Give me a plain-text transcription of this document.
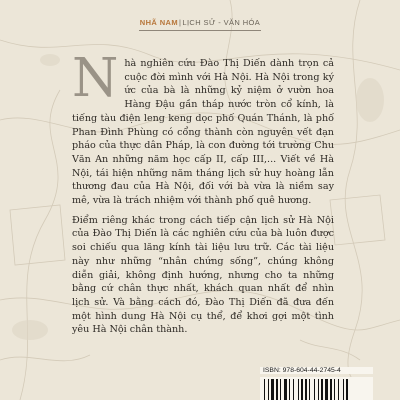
NHÃ NAM|LỊCH SỬ - VĂN HÓA

Nhà nghiên cứu Đào Thị Diến dành trọn cả cuộc đời mình với Hà Nội. Hà Nội trong ký ức của bà là những kỷ niệm ở vườn hoa Hàng Đậu gần tháp nước tròn cổ kính, là tiếng tàu điện leng keng dọc phố Quán Thánh, là phố Phan Đình Phùng có cổng thành còn nguyên vết đạn pháo của thực dân Pháp, là con đường tới trường Chu Văn An những năm học cấp II, cấp III,... Viết về Hà Nội, tái hiện những năm tháng lịch sử huy hoàng lẫn thương đau của Hà Nội, đối với bà vừa là niềm say mê, vừa là trách nhiệm với thành phố quê hương.

Điểm riêng khác trong cách tiếp cận lịch sử Hà Nội của Đào Thị Diến là các nghiên cứu của bà luôn được soi chiếu qua lăng kính tài liệu lưu trữ. Các tài liệu này như những “nhân chứng sống”, chúng không diễn giải, không định hướng, nhưng cho ta những bằng cứ chân thực nhất, khách quan nhất để nhìn lịch sử. Và bằng cách đó, Đào Thị Diến đã đưa đến một hình dung Hà Nội cụ thể, để khơi gợi một tình yêu Hà Nội chân thành.

ISBN: 978-604-44-2745-4
